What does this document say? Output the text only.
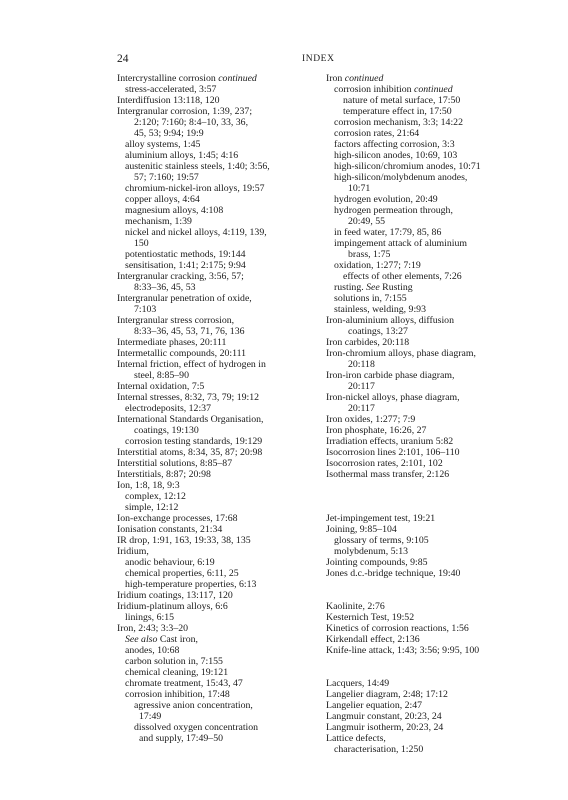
24	INDEX
Intercrystalline corrosion continued
stress-accelerated, 3:57
Interdiffusion 13:118, 120
Intergranular corrosion, 1:39, 237;
2:120; 7:160; 8:4–10, 33, 36,
45, 53; 9:94; 19:9
alloy systems, 1:45
aluminium alloys, 1:45; 4:16
austenitic stainless steels, 1:40; 3:56,
57; 7:160; 19:57
chromium-nickel-iron alloys, 19:57
copper alloys, 4:64
magnesium alloys, 4:108
mechanism, 1:39
nickel and nickel alloys, 4:119, 139,
150
potentiostatic methods, 19:144
sensitisation, 1:41; 2:175; 9:94
Intergranular cracking, 3:56, 57;
8:33–36, 45, 53
Intergranular penetration of oxide,
7:103
Intergranular stress corrosion,
8:33–36, 45, 53, 71, 76, 136
Intermediate phases, 20:111
Intermetallic compounds, 20:111
Internal friction, effect of hydrogen in
steel, 8:85–90
Internal oxidation, 7:5
Internal stresses, 8:32, 73, 79; 19:12
electrodeposits, 12:37
International Standards Organisation,
coatings, 19:130
corrosion testing standards, 19:129
Interstitial atoms, 8:34, 35, 87; 20:98
Interstitial solutions, 8:85–87
Interstitials, 8:87; 20:98
Ion, 1:8, 18, 9:3
complex, 12:12
simple, 12:12
Ion-exchange processes, 17:68
Ionisation constants, 21:34
IR drop, 1:91, 163, 19:33, 38, 135
Iridium,
anodic behaviour, 6:19
chemical properties, 6:11, 25
high-temperature properties, 6:13
Iridium coatings, 13:117, 120
Iridium-platinum alloys, 6:6
linings, 6:15
Iron, 2:43; 3:3–20
See also Cast iron,
anodes, 10:68
carbon solution in, 7:155
chemical cleaning, 19:121
chromate treatment, 15:43, 47
corrosion inhibition, 17:48
agressive anion concentration,
17:49
dissolved oxygen concentration
and supply, 17:49–50
Iron continued
corrosion inhibition continued
nature of metal surface, 17:50
temperature effect in, 17:50
corrosion mechanism, 3:3; 14:22
corrosion rates, 21:64
factors affecting corrosion, 3:3
high-silicon anodes, 10:69, 103
high-silicon/chromium anodes, 10:71
high-silicon/molybdenum anodes,
10:71
hydrogen evolution, 20:49
hydrogen permeation through,
20:49, 55
in feed water, 17:79, 85, 86
impingement attack of aluminium
brass, 1:75
oxidation, 1:277; 7:19
effects of other elements, 7:26
rusting. See Rusting
solutions in, 7:155
stainless, welding, 9:93
Iron-aluminium alloys, diffusion
coatings, 13:27
Iron carbides, 20:118
Iron-chromium alloys, phase diagram,
20:118
Iron-iron carbide phase diagram,
20:117
Iron-nickel alloys, phase diagram,
20:117
Iron oxides, 1:277; 7:9
Iron phosphate, 16:26, 27
Irradiation effects, uranium 5:82
Isocorrosion lines 2:101, 106–110
Isocorrosion rates, 2:101, 102
Isothermal mass transfer, 2:126
Jet-impingement test, 19:21
Joining, 9:85–104
glossary of terms, 9:105
molybdenum, 5:13
Jointing compounds, 9:85
Jones d.c.-bridge technique, 19:40
Kaolinite, 2:76
Kesternich Test, 19:52
Kinetics of corrosion reactions, 1:56
Kirkendall effect, 2:136
Knife-line attack, 1:43; 3:56; 9:95, 100
Lacquers, 14:49
Langelier diagram, 2:48; 17:12
Langelier equation, 2:47
Langmuir constant, 20:23, 24
Langmuir isotherm, 20:23, 24
Lattice defects,
characterisation, 1:250
